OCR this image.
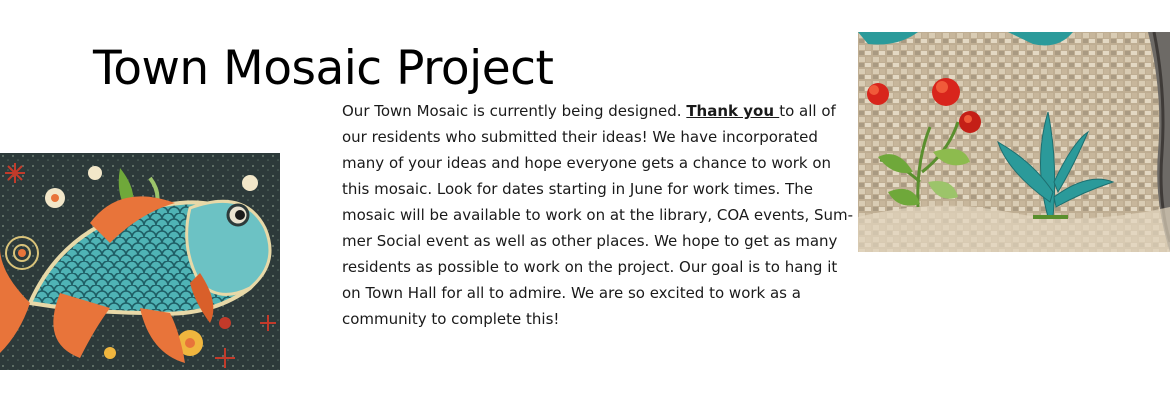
Town Mosaic Project
Our Town Mosaic is currently being designed. Thank you to all of
our residents who submitted their ideas! We have incorporated
many of your ideas and hope everyone gets a chance to work on
this mosaic. Look for dates starting in June for work times. The
mosaic will be available to work on at the library, COA events, Sum-
mer Social event as well as other places. We hope to get as many
residents as possible to work on the project. Our goal is to hang it
on Town Hall for all to admire. We are so excited to work as a
community to complete this!
